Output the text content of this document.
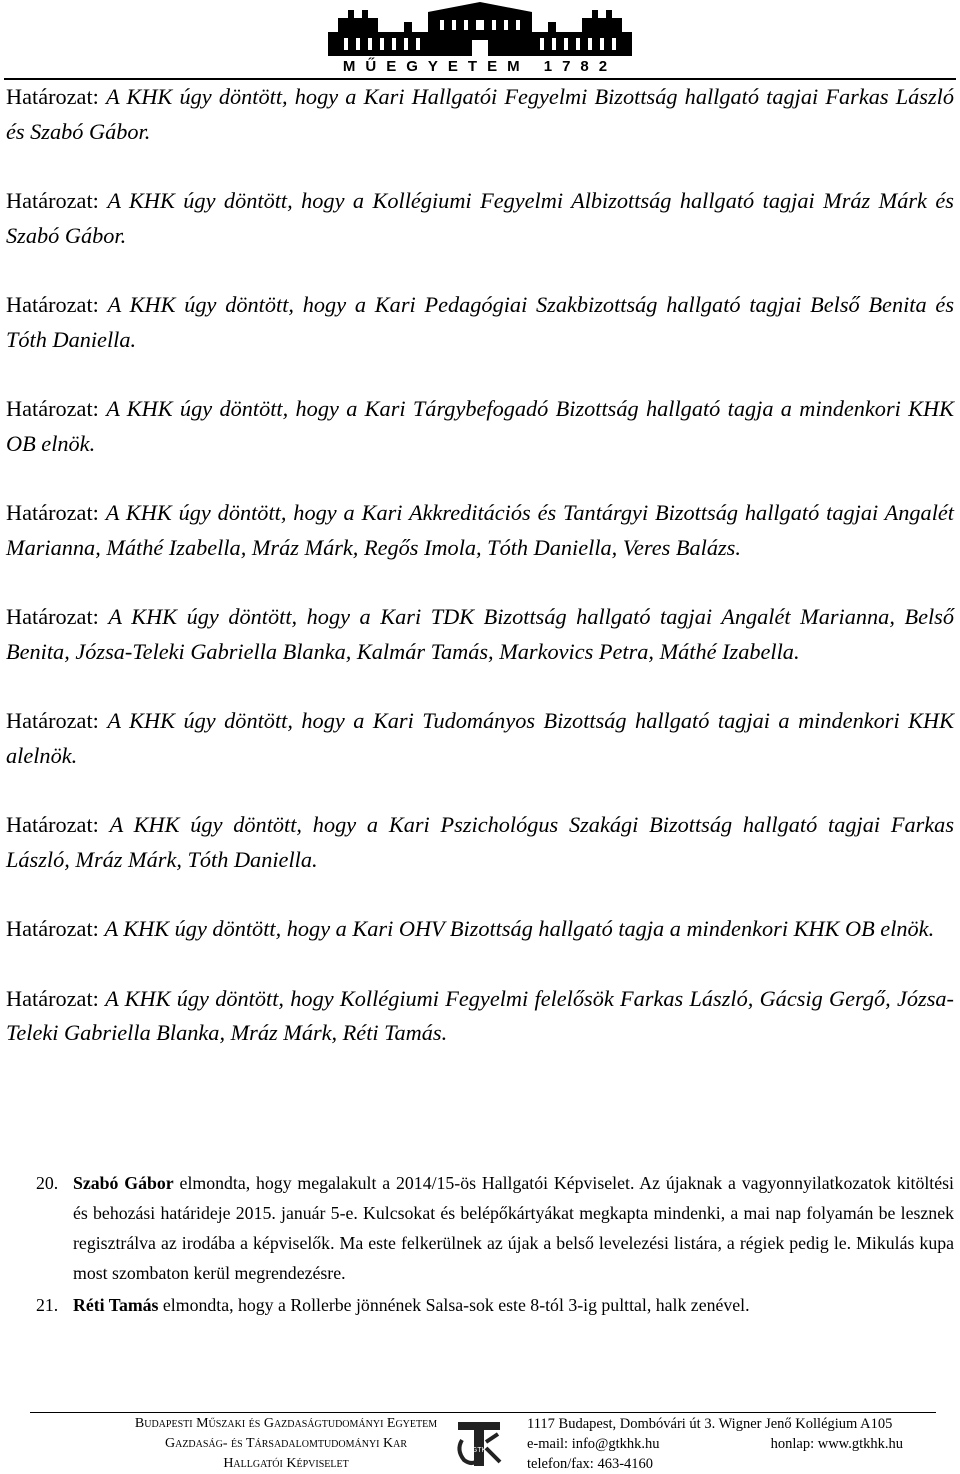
MŰEGYETEM 1782

Határozat: A KHK úgy döntött, hogy a Kari Hallgatói Fegyelmi Bizottság hallgató tagjai Farkas László és Szabó Gábor.

Határozat: A KHK úgy döntött, hogy a Kollégiumi Fegyelmi Albizottság hallgató tagjai Mráz Márk és Szabó Gábor.

Határozat: A KHK úgy döntött, hogy a Kari Pedagógiai Szakbizottság hallgató tagjai Belső Benita és Tóth Daniella.

Határozat: A KHK úgy döntött, hogy a Kari Tárgybefogadó Bizottság hallgató tagja a mindenkori KHK OB elnök.

Határozat: A KHK úgy döntött, hogy a Kari Akkreditációs és Tantárgyi Bizottság hallgató tagjai Angalét Marianna, Máthé Izabella, Mráz Márk, Regős Imola, Tóth Daniella, Veres Balázs.

Határozat: A KHK úgy döntött, hogy a Kari TDK Bizottság hallgató tagjai Angalét Marianna, Belső Benita, Józsa-Teleki Gabriella Blanka, Kalmár Tamás, Markovics Petra, Máthé Izabella.

Határozat: A KHK úgy döntött, hogy a Kari Tudományos Bizottság hallgató tagjai a mindenkori KHK alelnök.

Határozat: A KHK úgy döntött, hogy a Kari Pszichológus Szakági Bizottság hallgató tagjai Farkas László, Mráz Márk, Tóth Daniella.

Határozat: A KHK úgy döntött, hogy a Kari OHV Bizottság hallgató tagja a mindenkori KHK OB elnök.

Határozat: A KHK úgy döntött, hogy Kollégiumi Fegyelmi felelősök Farkas László, Gácsig Gergő, Józsa-Teleki Gabriella Blanka, Mráz Márk, Réti Tamás.

20. Szabó Gábor elmondta, hogy megalakult a 2014/15-ös Hallgatói Képviselet. Az újaknak a vagyonnyilatkozatok kitöltési és behozási határideje 2015. január 5-e. Kulcsokat és belépőkártyákat megkapta mindenki, a mai nap folyamán be lesznek regisztrálva az irodába a képviselők. Ma este felkerülnek az újak a belső levelezési listára, a régiek pedig le. Mikulás kupa most szombaton kerül megrendezésre.
21. Réti Tamás elmondta, hogy a Rollerbe jönnének Salsa-sok este 8-tól 3-ig pulttal, halk zenével.
Budapesti Műszaki és Gazdaságtudományi Egyetem
Gazdaság- és Társadalomtudományi Kar
Hallgatói Képviselet
GTK
1117 Budapest, Dombóvári út 3. Wigner Jenő Kollégium A105
e-mail: info@gtkhk.hu	honlap: www.gtkhk.hu
telefon/fax: 463-4160
